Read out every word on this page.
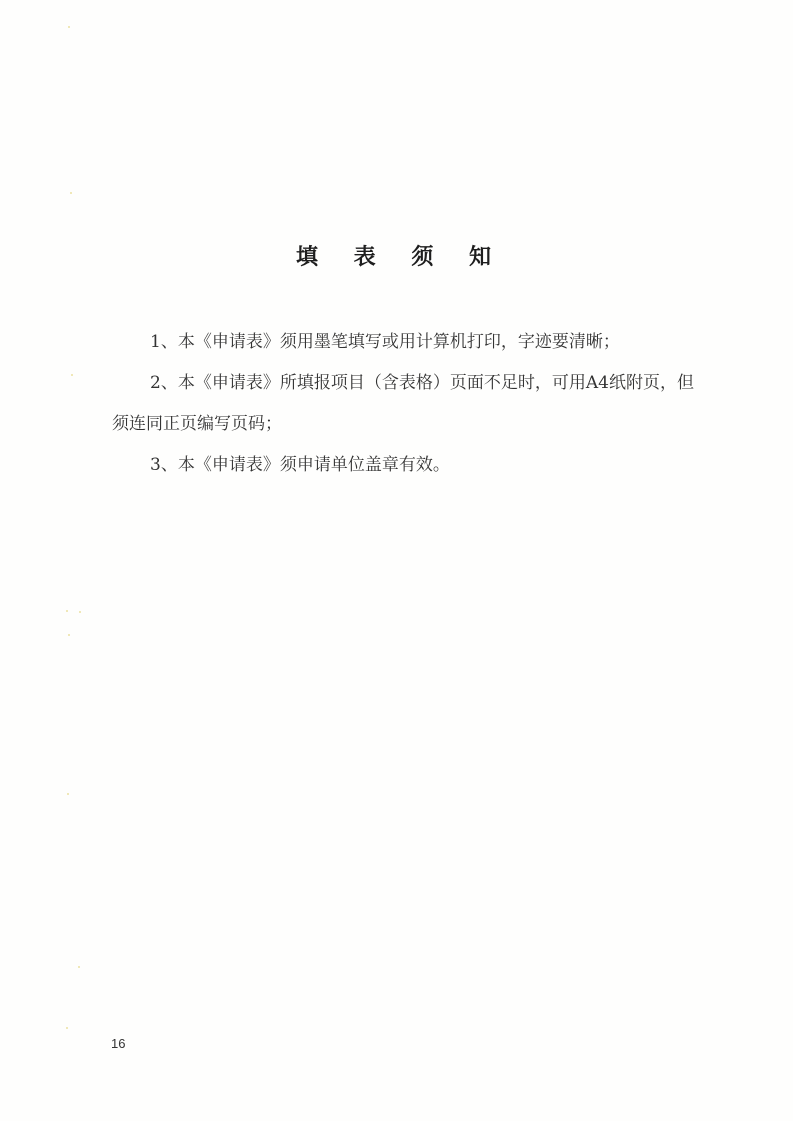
填 表 须 知

1、本《申请表》须用墨笔填写或用计算机打印，字迹要清晰；

2、本《申请表》所填报项目（含表格）页面不足时，可用A4纸附页，但须连同正页编写页码；

3、本《申请表》须申请单位盖章有效。

16
